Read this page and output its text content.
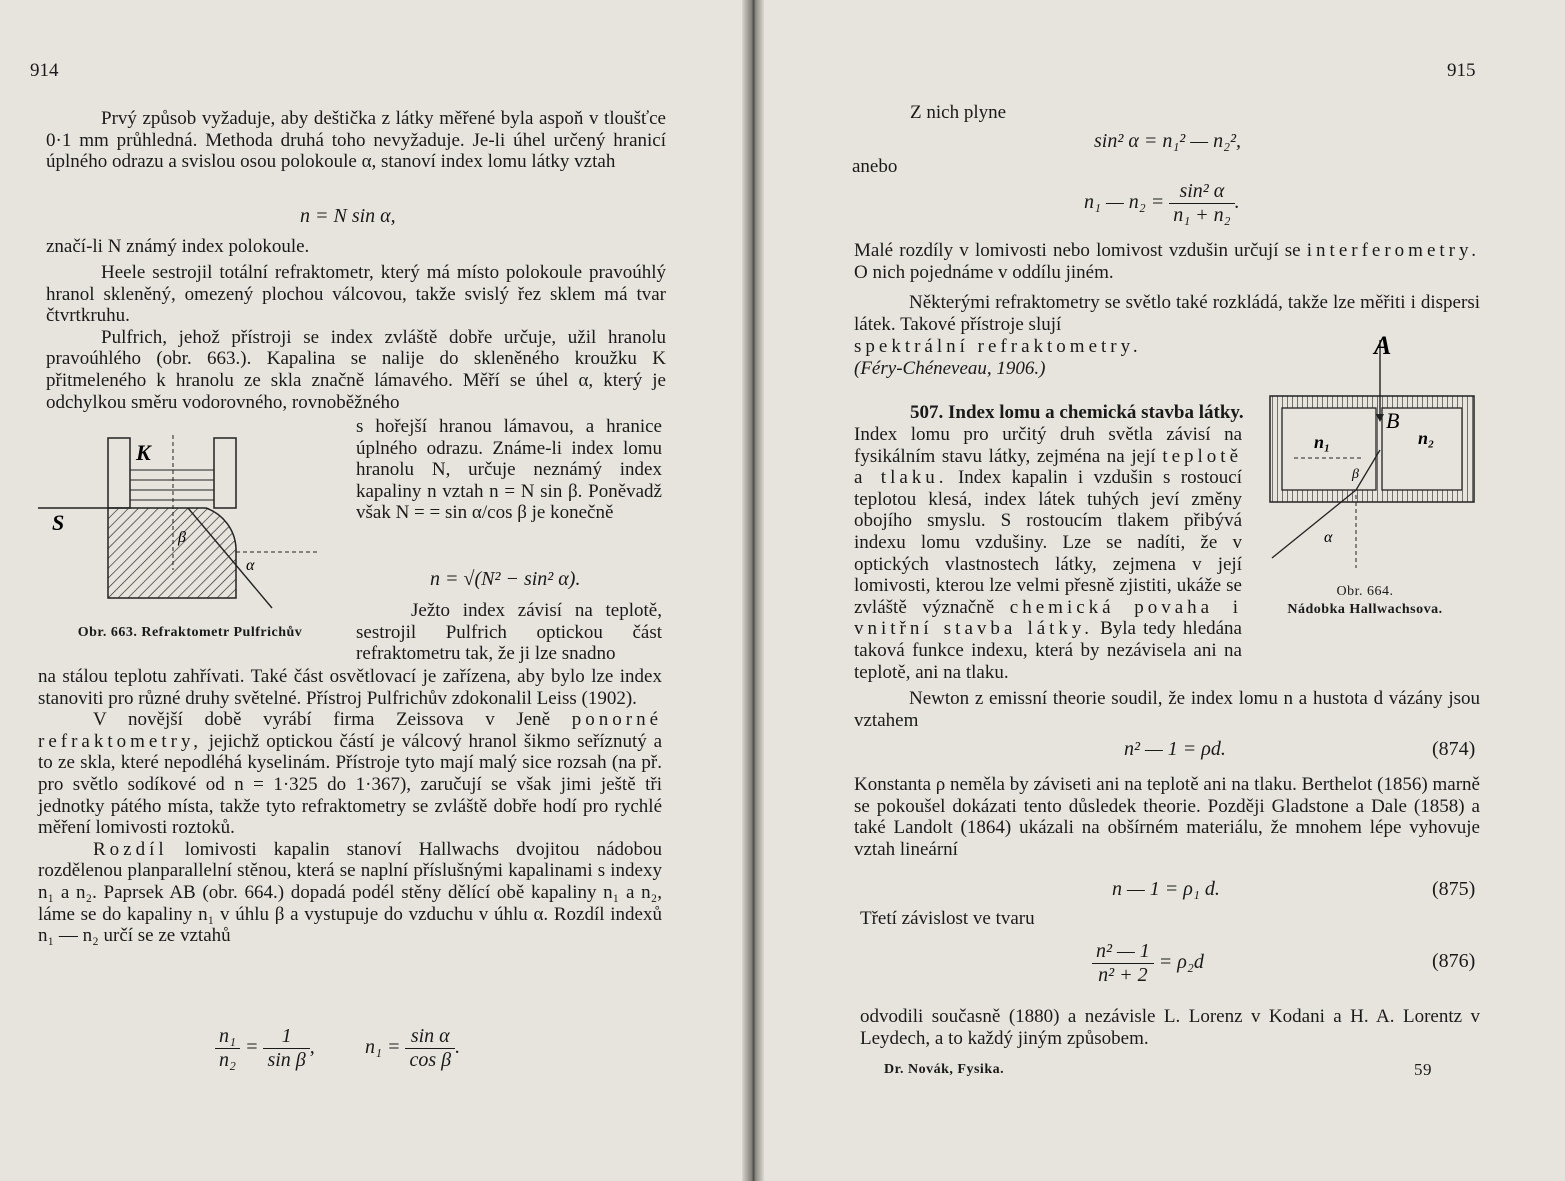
914

Prvý způsob vyžaduje, aby deštička z látky měřené byla aspoň v tloušťce 0·1 mm průhledná. Methoda druhá toho nevyžaduje. Je-li úhel určený hranicí úplného odrazu a svislou osou polokoule α, stanoví index lomu látky vztah

n = N sin α,
značí-li N známý index polokoule.

Heele sestrojil totální refraktometr, který má místo polokoule pravoúhlý hranol skleněný, omezený plochou válcovou, takže svislý řez sklem má tvar čtvrtkruhu.

Pulfrich, jehož přístroji se index zvláště dobře určuje, užil hranolu pravoúhlého (obr. 663.). Kapalina se nalije do skleněného kroužku K přitmeleného k hranolu ze skla značně lámavého. Měří se úhel α, který je odchylkou směru vodorovného, rovnoběžného

K
S
β
α
Obr. 663. Refraktometr Pulfrichův
s hořejší hranou lámavou, a hranice úplného odrazu. Známe-li index lomu hranolu N, určuje neznámý index kapaliny n vztah n = N sin β. Poněvadž však N = = sin α/cos β je konečně
n = √(N² − sin² α).

Ježto index závisí na teplotě, sestrojil Pulfrich optickou část refraktometru tak, že ji lze snadno

na stálou teplotu zahřívati. Také část osvětlovací je zařízena, aby bylo lze index stanoviti pro různé druhy světelné. Přístroj Pulfrichův zdokonalil Leiss (1902).

V novější době vyrábí firma Zeissova v Jeně ponorné refraktometry, jejichž optickou částí je válcový hranol šikmo seříznutý a to ze skla, které nepodléhá kyselinám. Přístroje tyto mají malý sice rozsah (na př. pro světlo sodíkové od n = 1·325 do 1·367), zaručují se však jimi ještě tři jednotky pátého místa, takže tyto refraktometry se zvláště dobře hodí pro rychlé měření lomivosti roztoků.

Rozdíl lomivosti kapalin stanoví Hallwachs dvojitou nádobou rozdělenou planparallelní stěnou, která se naplní příslušnými kapalinami s indexy n₁ a n₂. Paprsek AB (obr. 664.) dopadá podél stěny dělící obě kapaliny n₁ a n₂, láme se do kapaliny n₁ v úhlu β a vystupuje do vzduchu v úhlu α. Rozdíl indexů n₁ — n₂ určí se ze vztahů

$\frac{\text{n₁}}{\text{n₂}} = \frac{1}{\text{sin β}}$ ,	$n_1 = \frac{\text{sin α}}{\text{cos β}}$ .
915
Z nich plyne
sin² α = n₁² — n₂²,
anebo
n₁ — $n_2 = \frac{\text{sin² α}}{\text{n₁ + n₂}}$ .

Malé rozdíly v lomivosti nebo lomivost vzdušin určují se interferometry. O nich pojednáme v oddílu jiném.

Některými refraktometry se světlo také rozkládá, takže lze měřiti i dispersi látek. Takové přístroje slují

spektrální refraktometry.

(Féry-Chéneveau, 1906.)

507. Index lomu a chemická stavba látky.

Index lomu pro určitý druh světla závisí na fysikálním stavu látky, zejména na její teplotě a tlaku. Index kapalin i vzdušin s rostoucí teplotou klesá, index látek tuhých jeví změny obojího smyslu. S rostoucím tlakem přibývá indexu lomu vzdušiny. Lze se nadíti, že v optických vlastnostech látky, zejmena v její lomivosti, kterou lze velmi přesně zjistiti, ukáže se zvláště význačně chemická povaha i vnitřní stavba látky. Byla tedy hledána taková funkce indexu, která by nezávisela ani na teplotě, ani na tlaku.

A
B
n₁	n₂
β
α
Obr. 664.
Nádobka Hallwachsova.

Newton z emissní theorie soudil, že index lomu n a hustota d vázány jsou vztahem

n² — 1 = ρd.	(874)

Konstanta ρ neměla by záviseti ani na teplotě ani na tlaku. Berthelot (1856) marně se pokoušel dokázati tento důsledek theorie. Později Gladstone a Dale (1858) a také Landolt (1864) ukázali na obšírném materiálu, že mnohem lépe vyhovuje vztah lineární

n — 1 = ρ₁ d.	(875)
Třetí závislost ve tvaru
$\frac{\text{n² — 1}}{\text{n² + 2}} = \rho_2d$	(876)

odvodili současně (1880) a nezávisle L. Lorenz v Kodani a H. A. Lorentz v Leydech, a to každý jiným způsobem.

Dr. Novák, Fysika.	59
